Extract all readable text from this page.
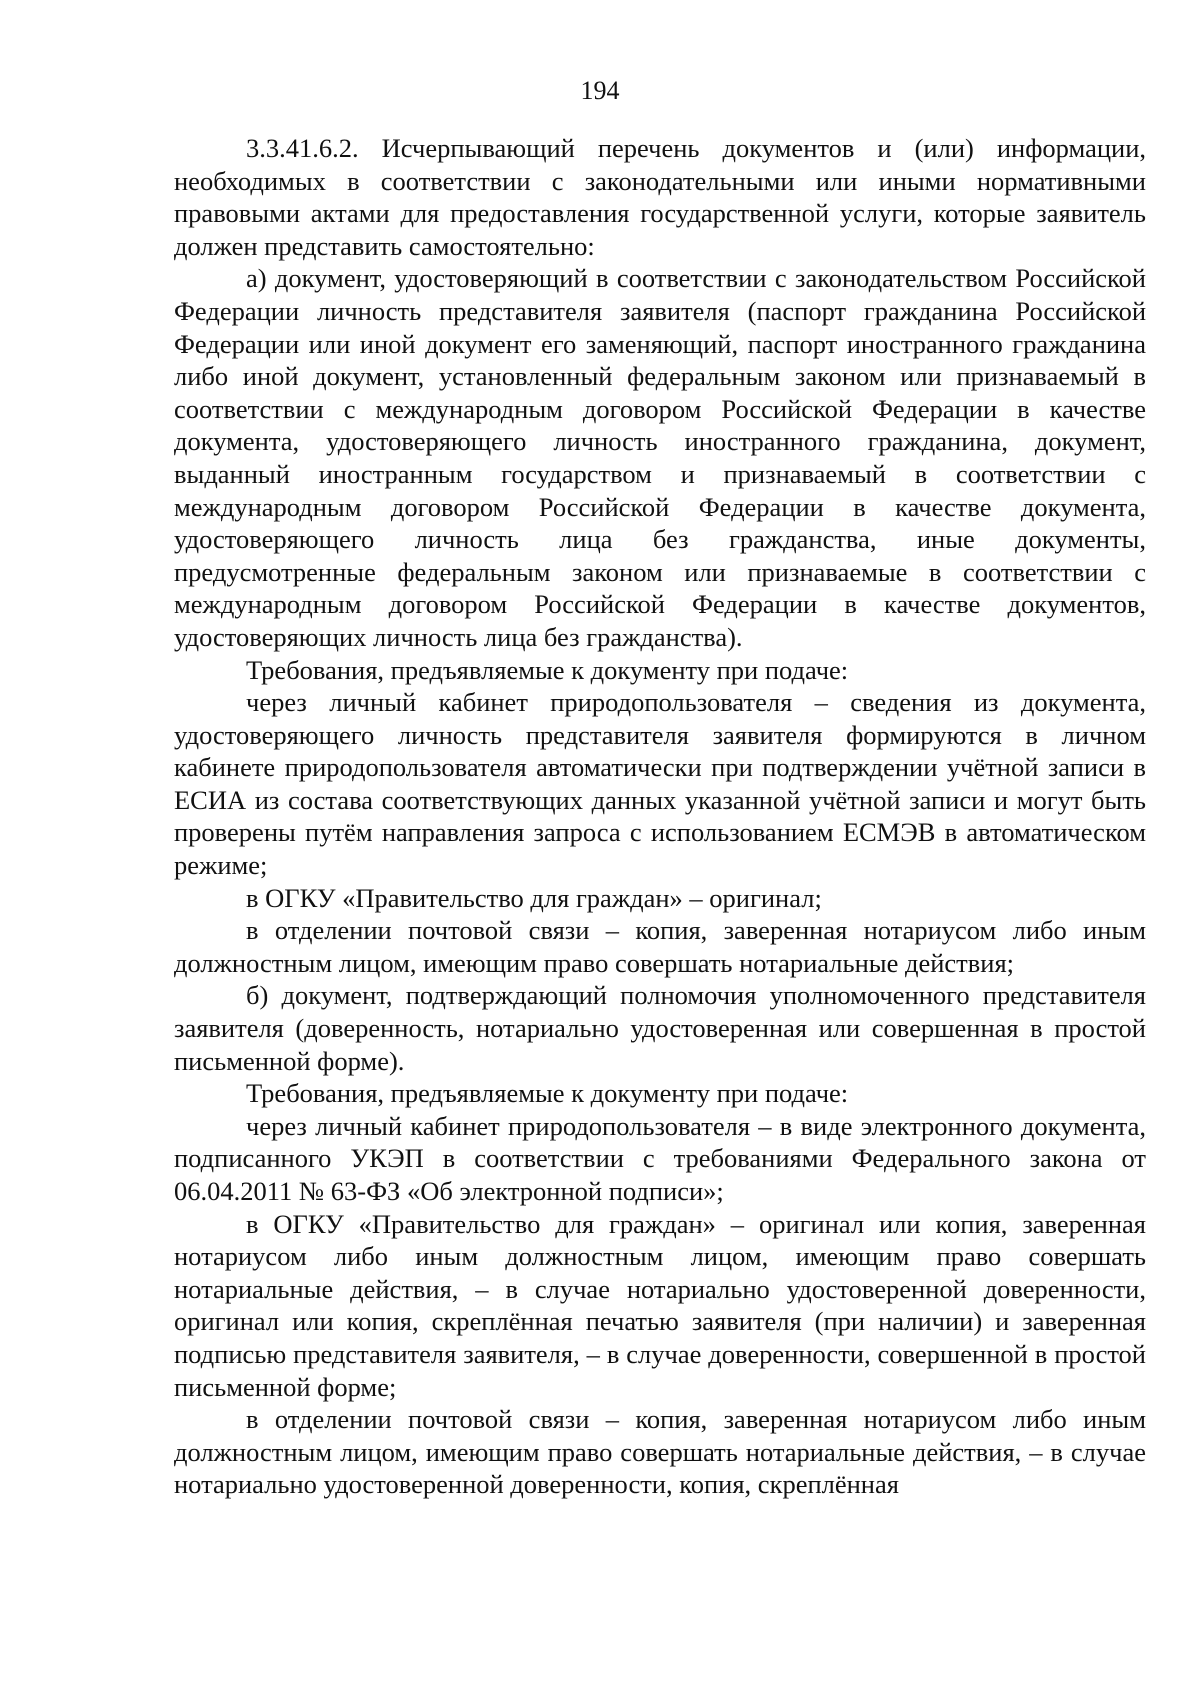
194

3.3.41.6.2. Исчерпывающий перечень документов и (или) информации, необходимых в соответствии с законодательными или иными нормативными правовыми актами для предоставления государственной услуги, которые заявитель должен представить самостоятельно:

а) документ, удостоверяющий в соответствии с законодательством Российской Федерации личность представителя заявителя (паспорт гражданина Российской Федерации или иной документ его заменяющий, паспорт иностранного гражданина либо иной документ, установленный федеральным законом или признаваемый в соответствии с международным договором Российской Федерации в качестве документа, удостоверяющего личность иностранного гражданина, документ, выданный иностранным государством и признаваемый в соответствии с международным договором Российской Федерации в качестве документа, удостоверяющего личность лица без гражданства, иные документы, предусмотренные федеральным законом или признаваемые в соответствии с международным договором Российской Федерации в качестве документов, удостоверяющих личность лица без гражданства).

Требования, предъявляемые к документу при подаче:

через личный кабинет природопользователя – сведения из документа, удостоверяющего личность представителя заявителя формируются в личном кабинете природопользователя автоматически при подтверждении учётной записи в ЕСИА из состава соответствующих данных указанной учётной записи и могут быть проверены путём направления запроса с использованием ЕСМЭВ в автоматическом режиме;

в ОГКУ «Правительство для граждан» – оригинал;

в отделении почтовой связи – копия, заверенная нотариусом либо иным должностным лицом, имеющим право совершать нотариальные действия;

б) документ, подтверждающий полномочия уполномоченного представителя заявителя (доверенность, нотариально удостоверенная или совершенная в простой письменной форме).

Требования, предъявляемые к документу при подаче:

через личный кабинет природопользователя – в виде электронного документа, подписанного УКЭП в соответствии с требованиями Федерального закона от 06.04.2011 № 63-ФЗ «Об электронной подписи»;

в ОГКУ «Правительство для граждан» – оригинал или копия, заверенная нотариусом либо иным должностным лицом, имеющим право совершать нотариальные действия, – в случае нотариально удостоверенной доверенности, оригинал или копия, скреплённая печатью заявителя (при наличии) и заверенная подписью представителя заявителя, – в случае доверенности, совершенной в простой письменной форме;

в отделении почтовой связи – копия, заверенная нотариусом либо иным должностным лицом, имеющим право совершать нотариальные действия, – в случае нотариально удостоверенной доверенности, копия, скреплённая
